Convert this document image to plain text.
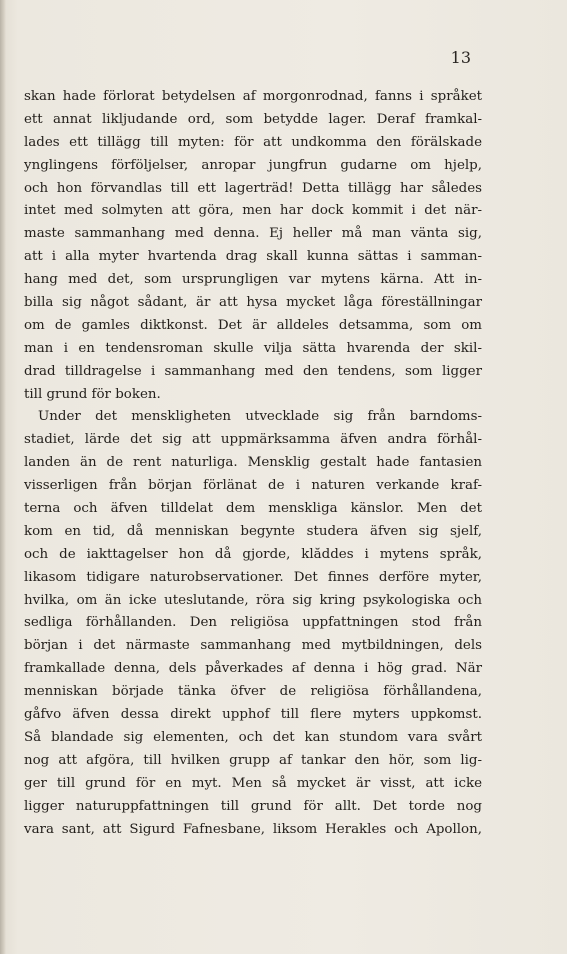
13
skan hade förlorat betydelsen af morgonrodnad, fanns i språket
ett annat likljudande ord, som betydde lager. Deraf framkal-
lades ett tillägg till myten: för att undkomma den förälskade
ynglingens förföljelser, anropar jungfrun gudarne om hjelp,
och hon förvandlas till ett lagerträd! Detta tillägg har således
intet med solmyten att göra, men har dock kommit i det när-
maste sammanhang med denna. Ej heller må man vänta sig,
att i alla myter hvartenda drag skall kunna sättas i samman-
hang med det, som ursprungligen var mytens kärna. Att in-
billa sig något sådant, är att hysa mycket låga föreställningar
om de gamles diktkonst. Det är alldeles detsamma, som om
man i en tendensroman skulle vilja sätta hvarenda der skil-
drad tilldragelse i sammanhang med den tendens, som ligger
till grund för boken.
Under det menskligheten utvecklade sig från barndoms-
stadiet, lärde det sig att uppmärksamma äfven andra förhål-
landen än de rent naturliga. Mensklig gestalt hade fantasien
visserligen från början förlänat de i naturen verkande kraf-
terna och äfven tilldelat dem menskliga känslor. Men det
kom en tid, då menniskan begynte studera äfven sig sjelf,
och de iakttagelser hon då gjorde, klăddes i mytens språk,
likasom tidigare naturobservationer. Det finnes derföre myter,
hvilka, om än icke uteslutande, röra sig kring psykologiska och
sedliga förhållanden. Den religiösa uppfattningen stod från
början i det närmaste sammanhang med mytbildningen, dels
framkallade denna, dels påverkades af denna i hög grad. När
menniskan började tänka öfver de religiösa förhållandena,
gåfvo äfven dessa direkt upphof till flere myters uppkomst.
Så blandade sig elementen, och det kan stundom vara svårt
nog att afgöra, till hvilken grupp af tankar den hör, som lig-
ger till grund för en myt. Men så mycket är visst, att icke
ligger naturuppfattningen till grund för allt. Det torde nog
vara sant, att Sigurd Fafnesbane, liksom Herakles och Apollon,
